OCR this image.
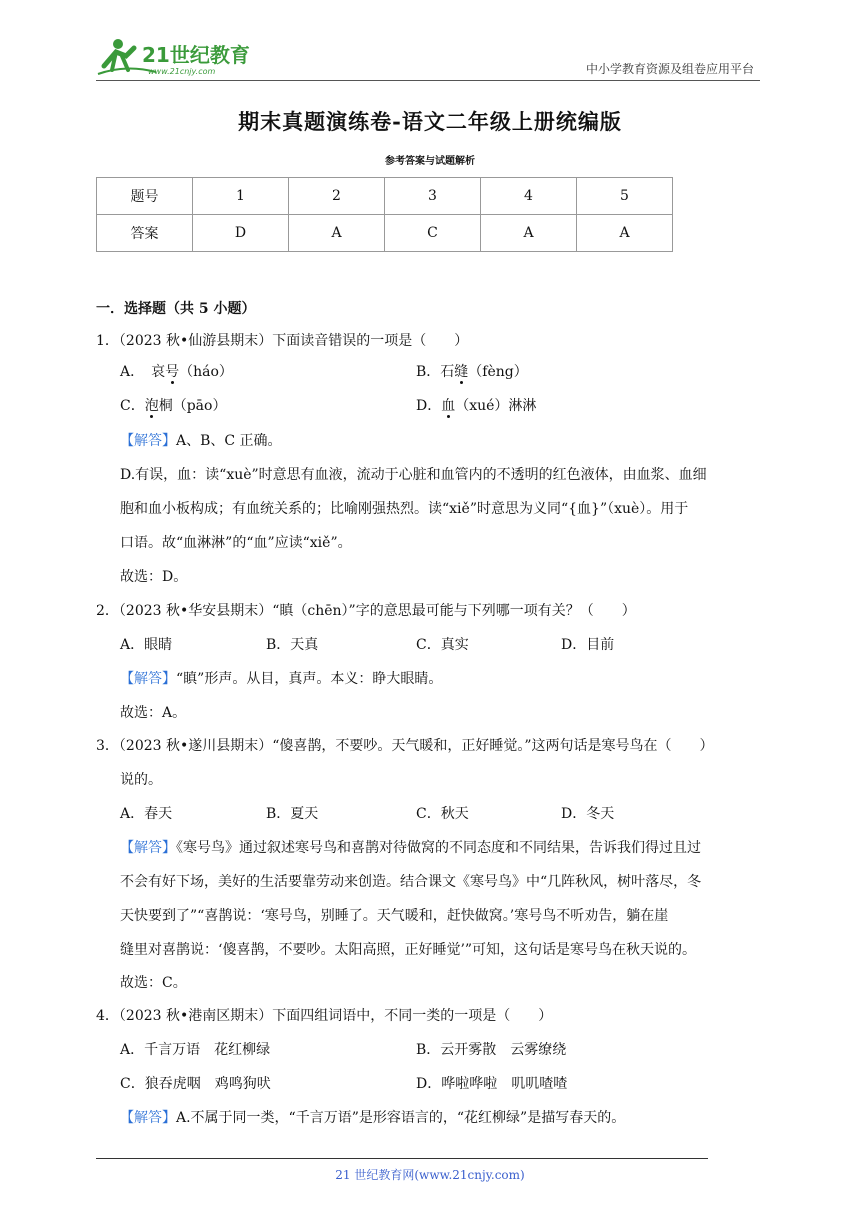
21世纪教育
www.21cnjy.com	中小学教育资源及组卷应用平台
期末真题演练卷-语文二年级上册统编版
参考答案与试题解析
题号	1	2	3	4	5
答案	D	A	C	A	A
一．选择题（共 5 小题）
1．（2023 秋•仙游县期末）下面读音错误的一项是（　　）
A．　哀号（háo）	B．石缝（fèng）
C．泡桐（pāo）	D．血（xué）淋淋
【解答】A、B、C 正确。
D.有误，血：读“xuè”时意思有血液，流动于心脏和血管内的不透明的红色液体，由血浆、血细
胞和血小板构成；有血统关系的；比喻刚强热烈。读“xiě”时意思为义同“{血}”（xuè）。用于
口语。故“血淋淋”的“血”应读“xiě”。
故选：D。
2．（2023 秋•华安县期末）“瞋（chēn）”字的意思最可能与下列哪一项有关？（　　）
A．眼睛	B．天真	C．真实	D．目前
【解答】“瞋”形声。从目，真声。本义：睁大眼睛。
故选：A。
3．（2023 秋•遂川县期末）“傻喜鹊，不要吵。天气暖和，正好睡觉。”这两句话是寒号鸟在（　　）
说的。
A．春天	B．夏天	C．秋天	D．冬天
【解答】《寒号鸟》通过叙述寒号鸟和喜鹊对待做窝的不同态度和不同结果，告诉我们得过且过
不会有好下场，美好的生活要靠劳动来创造。结合课文《寒号鸟》中“几阵秋风，树叶落尽，冬
天快要到了”“喜鹊说：‘寒号鸟，别睡了。天气暖和，赶快做窝。’寒号鸟不听劝告，躺在崖
缝里对喜鹊说：‘傻喜鹊，不要吵。太阳高照，正好睡觉’”可知，这句话是寒号鸟在秋天说的。
故选：C。
4．（2023 秋•港南区期末）下面四组词语中，不同一类的一项是（　　）
A．千言万语　花红柳绿	B．云开雾散　云雾缭绕
C．狼吞虎咽　鸡鸣狗吠	D．哗啦哗啦　叽叽喳喳
【解答】A.不属于同一类，“千言万语”是形容语言的，“花红柳绿”是描写春天的。
21 世纪教育网(www.21cnjy.com)
